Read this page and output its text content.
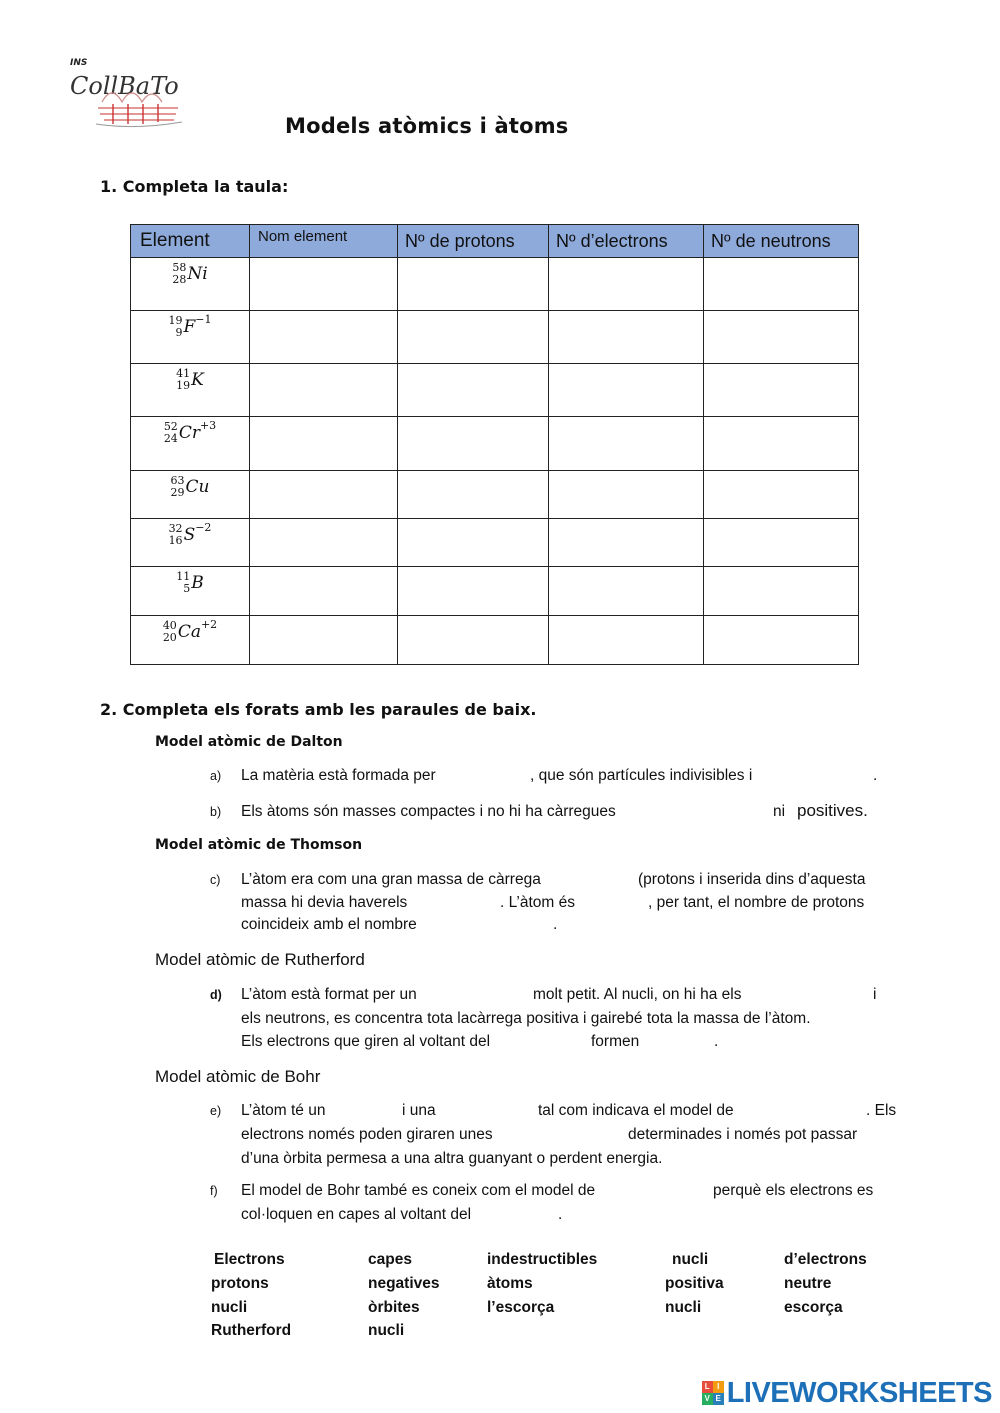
INS
CollBaTo
Models atòmics i àtoms
1. Completa la taula:
Element	Nom element	Nº de protons	Nº d’electrons	Nº de neutrons

58
28 Ni				

19
9 $F^{-1}$				

41
19 K				

52
24 $Cr^{+3}$				

63
29 Cu				

32
16 $S^{-2}$				

11
5 B				

40
20 $Ca^{+2}$				
2. Completa els forats amb les paraules de baix.
Model atòmic de Dalton
a) La matèria està formada per	, que són partícules indivisibles i	.
b) Els àtoms són masses compactes i no hi ha càrregues	ni positives.
Model atòmic de Thomson
c) L’àtom era com una gran massa de càrrega	(protons i inserida dins d’aquesta
massa hi devia haverels	. L’àtom és	, per tant, el nombre de protons
coincideix amb el nombre	.
Model atòmic de Rutherford
d) L’àtom està format per un	molt petit. Al nucli, on hi ha els	i
els neutrons, es concentra tota lacàrrega positiva i gairebé tota la massa de l’àtom.
Els electrons que giren al voltant del	formen	.
Model atòmic de Bohr
e) L’àtom té un	i una	tal com indicava el model de	. Els
electrons només poden giraren unes	determinades i només pot passar
d’una òrbita permesa a una altra guanyant o perdent energia.
f) El model de Bohr també es coneix com el model de	perquè els electrons es
col·loquen en capes al voltant del	.
Electrons	capes	indestructibles	nucli	d’electrons
protons	negatives	àtoms	positiva	neutre
nucli	òrbites	l’escorça	nucli	escorça
Rutherford	nucli
L I
V E LIVEWORKSHEETS
